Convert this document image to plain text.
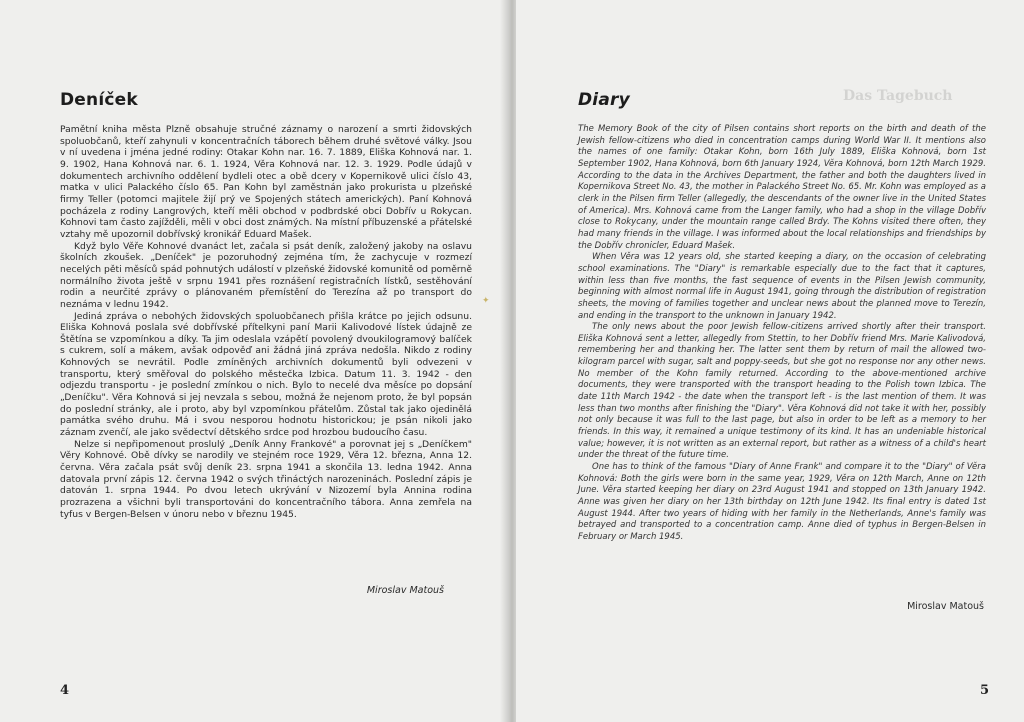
Deníček

Pamětní kniha města Plzně obsahuje stručné záznamy o narození a smrti židovských spoluobčanů, kteří zahynuli v koncentračních táborech během druhé světové války. Jsou v ní uvedena i jména jedné rodiny: Otakar Kohn nar. 16. 7. 1889, Eliška Kohnová nar. 1. 9. 1902, Hana Kohnová nar. 6. 1. 1924, Věra Kohnová nar. 12. 3. 1929. Podle údajů v dokumentech archivního oddělení bydleli otec a obě dcery v Kopernikově ulici číslo 43, matka v ulici Palackého číslo 65. Pan Kohn byl zaměstnán jako prokurista u plzeňské firmy Teller (potomci majitele žijí prý ve Spojených státech amerických). Paní Kohnová pocházela z rodiny Langrových, kteří měli obchod v podbrdské obci Dobřív u Rokycan. Kohnovi tam často zajížděli, měli v obci dost známých. Na místní příbuzenské a přátelské vztahy mě upozornil dobřívský kronikář Eduard Mašek.

Když bylo Věře Kohnové dvanáct let, začala si psát deník, založený jakoby na oslavu školních zkoušek. „Deníček" je pozoruhodný zejména tím, že zachycuje v rozmezí necelých pěti měsíců spád pohnutých událostí v plzeňské židovské komunitě od poměrně normálního života ještě v srpnu 1941 přes roznášení registračních lístků, sestěhování rodin a neurčité zprávy o plánovaném přemístění do Terezína až po transport do neznáma v lednu 1942.

Jediná zpráva o nebohých židovských spoluobčanech přišla krátce po jejich odsunu. Eliška Kohnová poslala své dobřívské přítelkyni paní Marii Kalivodové lístek údajně ze Štětína se vzpomínkou a díky. Ta jim odeslala vzápětí povolený dvoukilogramový balíček s cukrem, solí a mákem, avšak odpověď ani žádná jiná zpráva nedošla. Nikdo z rodiny Kohnových se nevrátil. Podle zmíněných archivních dokumentů byli odvezeni v transportu, který směřoval do polského městečka Izbica. Datum 11. 3. 1942 - den odjezdu transportu - je poslední zmínkou o nich. Bylo to necelé dva měsíce po dopsání „Deníčku". Věra Kohnová si jej nevzala s sebou, možná že nejenom proto, že byl popsán do poslední stránky, ale i proto, aby byl vzpomínkou přátelům. Zůstal tak jako ojedinělá památka svého druhu. Má i svou nesporou hodnotu historickou; je psán nikoli jako záznam zvenčí, ale jako svědectví dětského srdce pod hrozbou budoucího času.

Nelze si nepřipomenout proslulý „Deník Anny Frankové" a porovnat jej s „Deníčkem" Věry Kohnové. Obě dívky se narodily ve stejném roce 1929, Věra 12. března, Anna 12. června. Věra začala psát svůj deník 23. srpna 1941 a skončila 13. ledna 1942. Anna datovala první zápis 12. června 1942 o svých třináctých narozeninách. Poslední zápis je datován 1. srpna 1944. Po dvou letech ukrývání v Nizozemí byla Annina rodina prozrazena a všichni byli transportováni do koncentračního tábora. Anna zemřela na tyfus v Bergen-Belsen v únoru nebo v březnu 1945.

Miroslav Matouš
4
Das Tagebuch
Diary

The Memory Book of the city of Pilsen contains short reports on the birth and death of the Jewish fellow-citizens who died in concentration camps during World War II. It mentions also the names of one family: Otakar Kohn, born 16th July 1889, Eliška Kohnová, born 1st September 1902, Hana Kohnová, born 6th January 1924, Věra Kohnová, born 12th March 1929. According to the data in the Archives Department, the father and both the daughters lived in Kopernikova Street No. 43, the mother in Palackého Street No. 65. Mr. Kohn was employed as a clerk in the Pilsen firm Teller (allegedly, the descendants of the owner live in the United States of America). Mrs. Kohnová came from the Langer family, who had a shop in the village Dobřív close to Rokycany, under the mountain range called Brdy. The Kohns visited there often, they had many friends in the village. I was informed about the local relationships and friendships by the Dobřív chronicler, Eduard Mašek.

When Věra was 12 years old, she started keeping a diary, on the occasion of celebrating school examinations. The "Diary" is remarkable especially due to the fact that it captures, within less than five months, the fast sequence of events in the Pilsen Jewish community, beginning with almost normal life in August 1941, going through the distribution of registration sheets, the moving of families together and unclear news about the planned move to Terezín, and ending in the transport to the unknown in January 1942.

The only news about the poor Jewish fellow-citizens arrived shortly after their transport. Eliška Kohnová sent a letter, allegedly from Stettin, to her Dobřív friend Mrs. Marie Kalivodová, remembering her and thanking her. The latter sent them by return of mail the allowed two-kilogram parcel with sugar, salt and poppy-seeds, but she got no response nor any other news. No member of the Kohn family returned. According to the above-mentioned archive documents, they were transported with the transport heading to the Polish town Izbica. The date 11th March 1942 - the date when the transport left - is the last mention of them. It was less than two months after finishing the "Diary". Věra Kohnová did not take it with her, possibly not only because it was full to the last page, but also in order to be left as a memory to her friends. In this way, it remained a unique testimony of its kind. It has an undeniable historical value; however, it is not written as an external report, but rather as a witness of a child's heart under the threat of the future time.

One has to think of the famous "Diary of Anne Frank" and compare it to the "Diary" of Věra Kohnová: Both the girls were born in the same year, 1929, Věra on 12th March, Anne on 12th June. Věra started keeping her diary on 23rd August 1941 and stopped on 13th January 1942. Anne was given her diary on her 13th birthday on 12th June 1942. Its final entry is dated 1st August 1944. After two years of hiding with her family in the Netherlands, Anne's family was betrayed and transported to a concentration camp. Anne died of typhus in Bergen-Belsen in February or March 1945.

Miroslav Matouš
5
✦
